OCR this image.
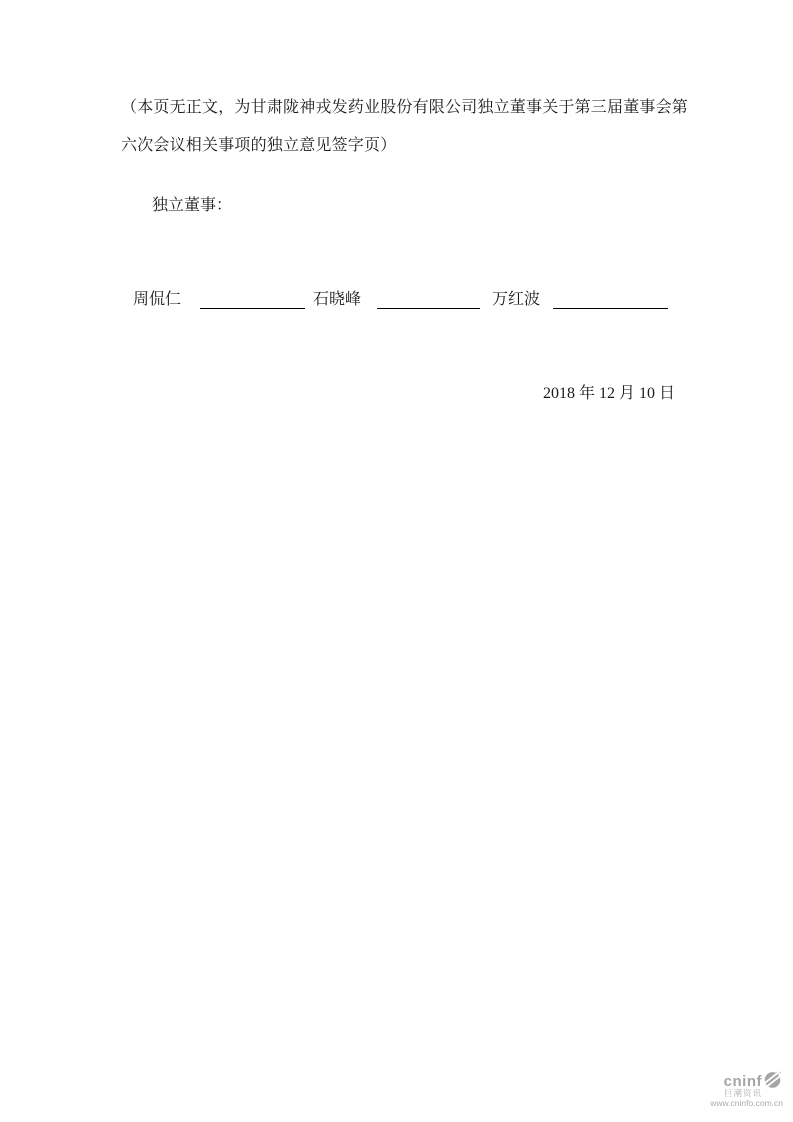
（本页无正文，为甘肃陇神戎发药业股份有限公司独立董事关于第三届董事会第
六次会议相关事项的独立意见签字页）
独立董事：
周侃仁	石晓峰	万红波
2018 年 12 月 10 日
cninf
巨潮资讯
www.cninfo.com.cn
